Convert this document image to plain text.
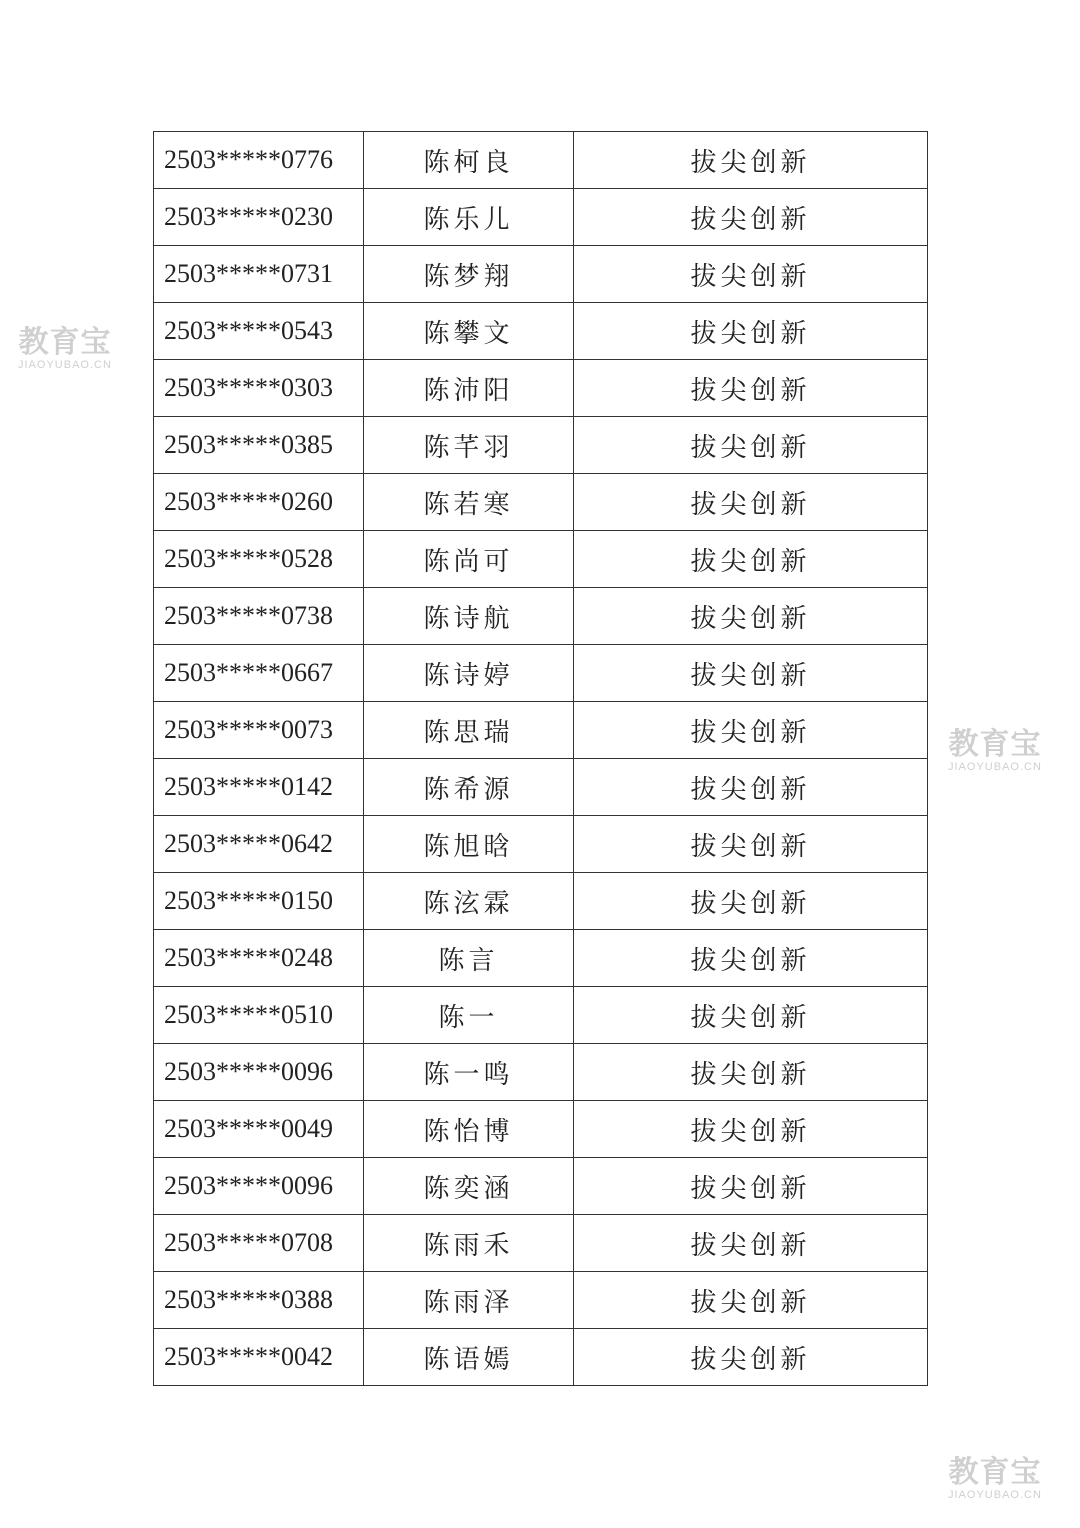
2503*****0776	陈柯良	拔尖创新
2503*****0230	陈乐儿	拔尖创新
2503*****0731	陈梦翔	拔尖创新
2503*****0543	陈攀文	拔尖创新
2503*****0303	陈沛阳	拔尖创新
2503*****0385	陈芊羽	拔尖创新
2503*****0260	陈若寒	拔尖创新
2503*****0528	陈尚可	拔尖创新
2503*****0738	陈诗航	拔尖创新
2503*****0667	陈诗婷	拔尖创新
2503*****0073	陈思瑞	拔尖创新
2503*****0142	陈希源	拔尖创新
2503*****0642	陈旭晗	拔尖创新
2503*****0150	陈泫霖	拔尖创新
2503*****0248	陈言	拔尖创新
2503*****0510	陈一	拔尖创新
2503*****0096	陈一鸣	拔尖创新
2503*****0049	陈怡博	拔尖创新
2503*****0096	陈奕涵	拔尖创新
2503*****0708	陈雨禾	拔尖创新
2503*****0388	陈雨泽	拔尖创新
2503*****0042	陈语嫣	拔尖创新
教育宝
JIAOYUBAO.CN
教育宝
JIAOYUBAO.CN
教育宝
JIAOYUBAO.CN
